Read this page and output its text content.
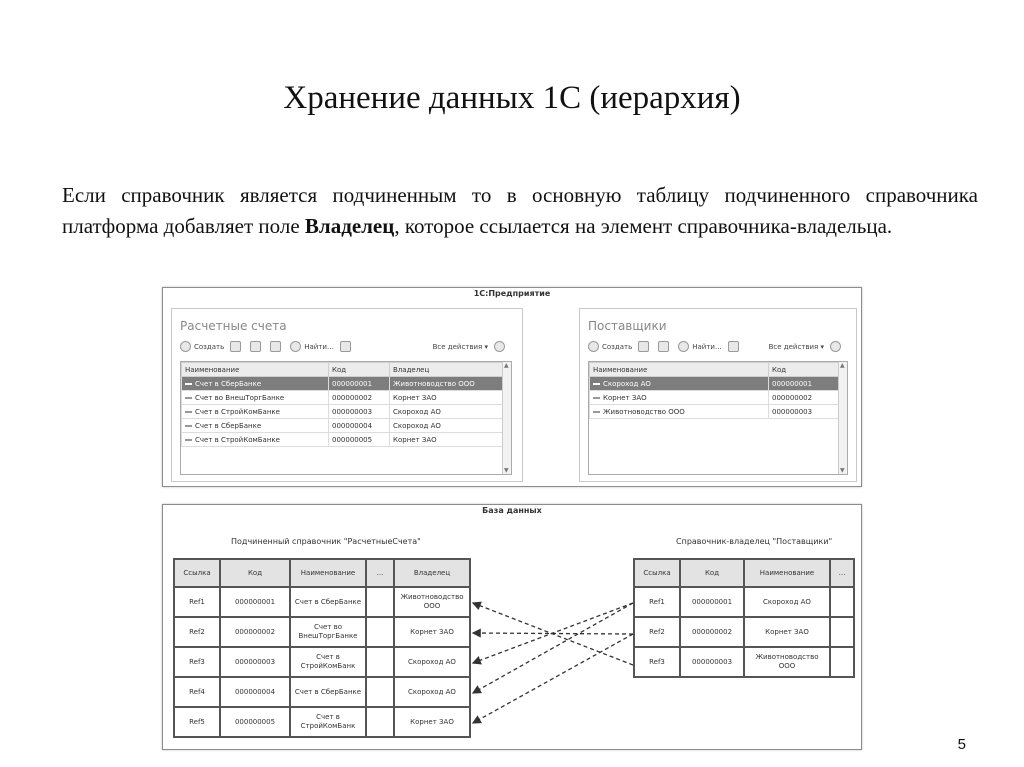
Хранение данных 1С (иерархия)
Если справочник является подчиненным то в основную таблицу подчиненного справочника платформа добавляет поле Владелец, которое ссылается на элемент справочника-владельца.
1С:Предприятие
Расчетные счета
Создать	Найти...	Все действия ▾
Наименование	Код	Владелец
Счет в СберБанке	000000001	Животноводство ООО
Счет во ВнешТоргБанке	000000002	Корнет ЗАО
Счет в СтройКомБанке	000000003	Скороход АО
Счет в СберБанке	000000004	Скороход АО
Счет в СтройКомБанке	000000005	Корнет ЗАО
▲ ▼
Поставщики
Создать	Найти...	Все действия ▾
Наименование	Код
Скороход АО	000000001
Корнет ЗАО	000000002
Животноводство ООО	000000003
▲ ▼
База данных
Подчиненный справочник "РасчетныеСчета"	Справочник-владелец "Поставщики"
Ссылка	Код	Наименование	...	Владелец
Ref1	000000001	Счет в СберБанке		Животноводство ООО
Ref2	000000002	Счет во ВнешТоргБанке		Корнет ЗАО
Ref3	000000003	Счет в СтройКомБанк		Скороход АО
Ref4	000000004	Счет в СберБанке		Скороход АО
Ref5	000000005	Счет в СтройКомБанк		Корнет ЗАО
Ссылка	Код	Наименование	...
Ref1	000000001	Скороход АО	
Ref2	000000002	Корнет ЗАО	
Ref3	000000003	Животноводство ООО	
5
